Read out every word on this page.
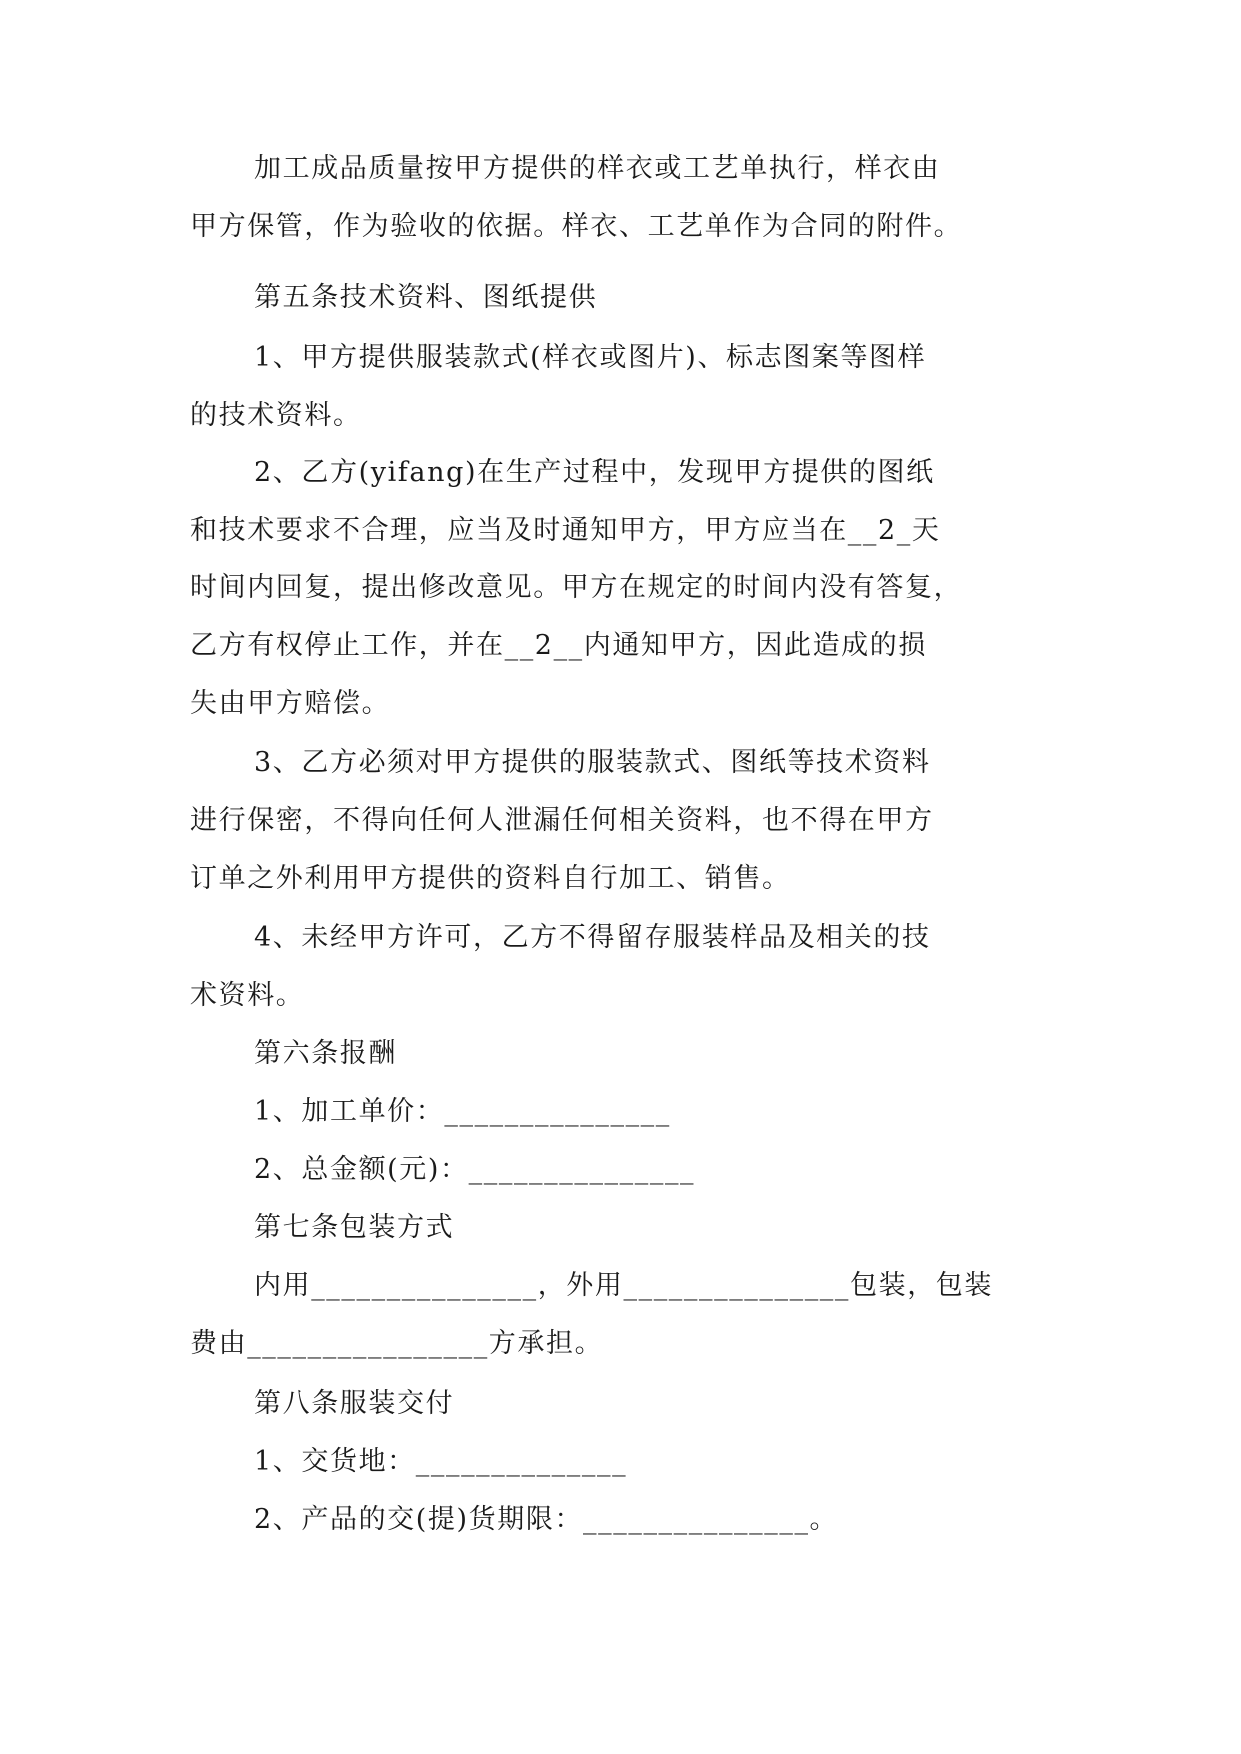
加工成品质量按甲方提供的样衣或工艺单执行，样衣由
甲方保管，作为验收的依据。样衣、工艺单作为合同的附件。
第五条技术资料、图纸提供
1、甲方提供服装款式(样衣或图片)、标志图案等图样
的技术资料。
2、乙方(yifang)在生产过程中，发现甲方提供的图纸
和技术要求不合理，应当及时通知甲方，甲方应当在__2_天
时间内回复，提出修改意见。甲方在规定的时间内没有答复，
乙方有权停止工作，并在__2__内通知甲方，因此造成的损
失由甲方赔偿。
3、乙方必须对甲方提供的服装款式、图纸等技术资料
进行保密，不得向任何人泄漏任何相关资料，也不得在甲方
订单之外利用甲方提供的资料自行加工、销售。
4、未经甲方许可，乙方不得留存服装样品及相关的技
术资料。
第六条报酬
1、加工单价：_______________
2、总金额(元)：_______________
第七条包装方式
内用_______________，外用_______________包装，包装
费由________________方承担。
第八条服装交付
1、交货地：______________
2、产品的交(提)货期限：_______________。
